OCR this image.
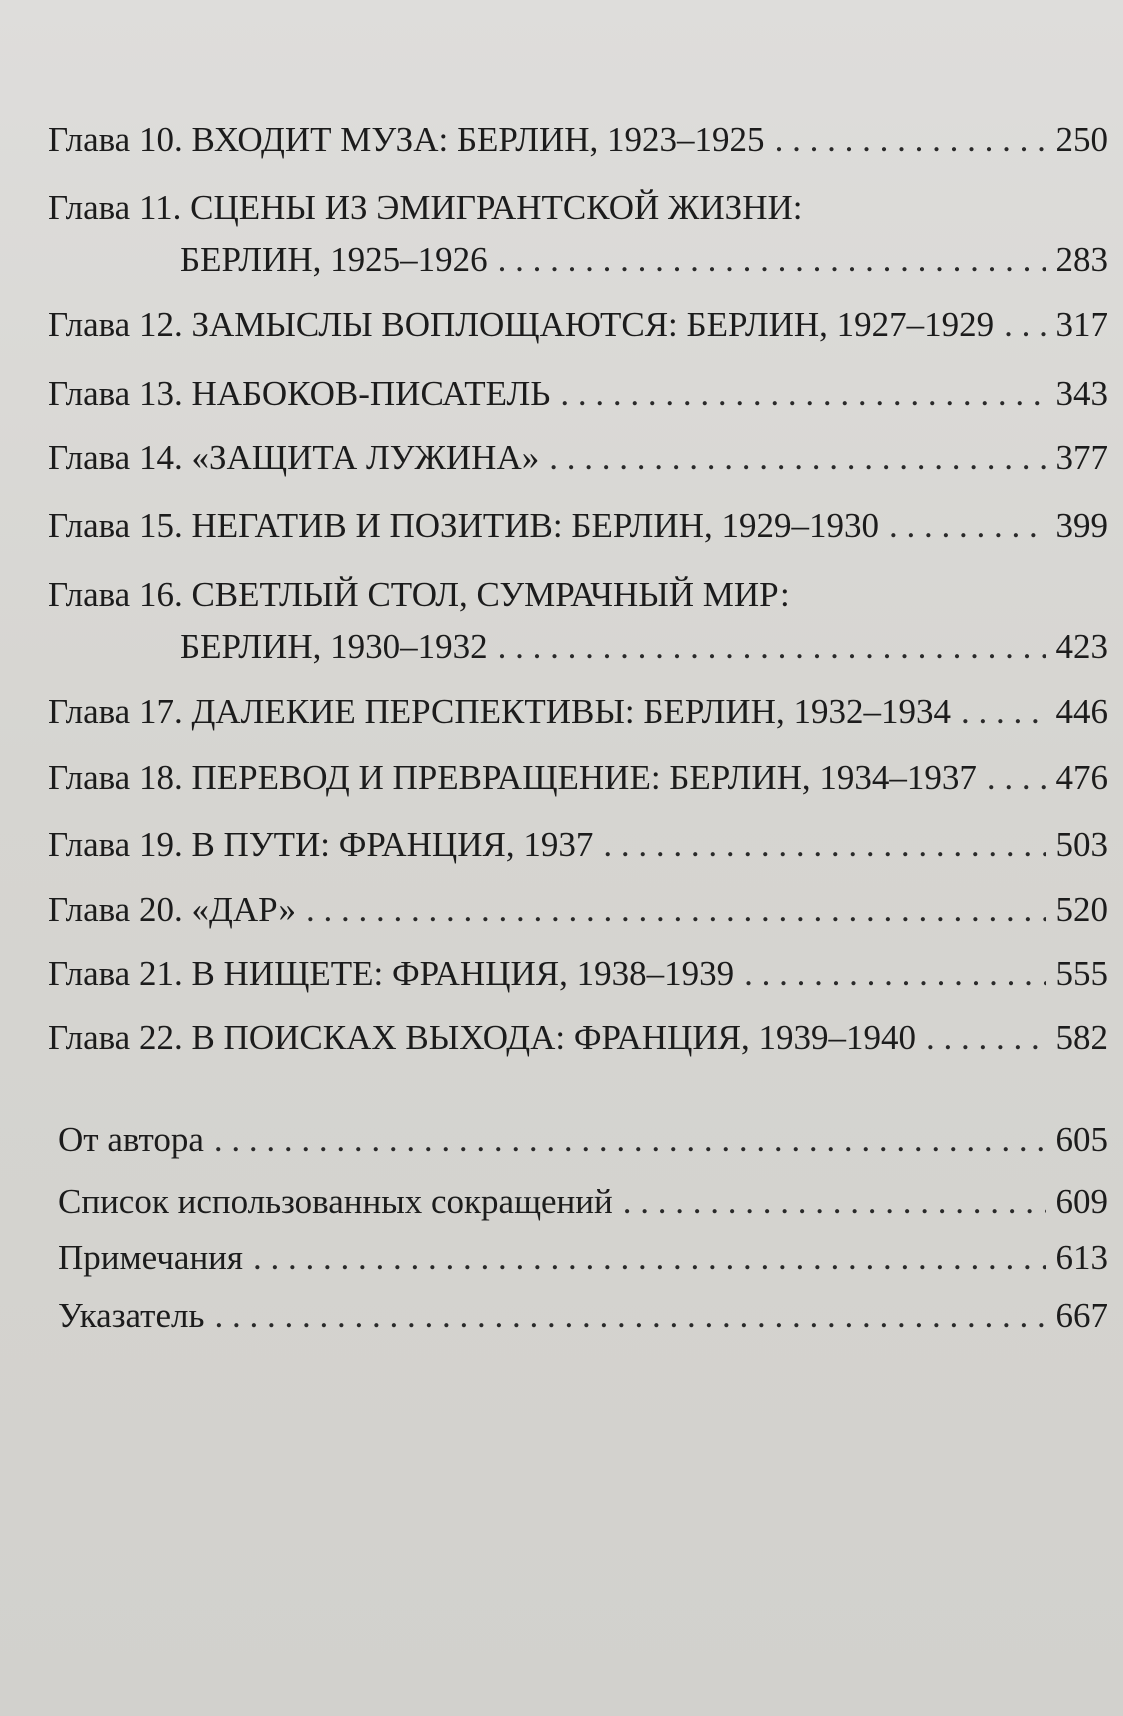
Глава 10. ВХОДИТ МУЗА: БЕРЛИН, 1923–1925 . . .	250
Глава 11. СЦЕНЫ ИЗ ЭМИГРАНТСКОЙ ЖИЗНИ:
БЕРЛИН, 1925–1926 . . .	283
Глава 12. ЗАМЫСЛЫ ВОПЛОЩАЮТСЯ: БЕРЛИН, 1927–1929 . . . 317
Глава 13. НАБОКОВ-ПИСАТЕЛЬ . . .	343
Глава 14. «ЗАЩИТА ЛУЖИНА» . . .	377
Глава 15. НЕГАТИВ И ПОЗИТИВ: БЕРЛИН, 1929–1930 . . .	399
Глава 16. СВЕТЛЫЙ СТОЛ, СУМРАЧНЫЙ МИР:
БЕРЛИН, 1930–1932 . . .	423
Глава 17. ДАЛЕКИЕ ПЕРСПЕКТИВЫ: БЕРЛИН, 1932–1934 . . .	446
Глава 18. ПЕРЕВОД И ПРЕВРАЩЕНИЕ: БЕРЛИН, 1934–1937 . . . 476
Глава 19. В ПУТИ: ФРАНЦИЯ, 1937 . . .	503
Глава 20. «ДАР» . . .	520
Глава 21. В НИЩЕТЕ: ФРАНЦИЯ, 1938–1939 . . .	555
Глава 22. В ПОИСКАХ ВЫХОДА: ФРАНЦИЯ, 1939–1940 . . .	582
От автора . . .	605
Список использованных сокращений . . .	609
Примечания . . .	613
Указатель . . .	667
